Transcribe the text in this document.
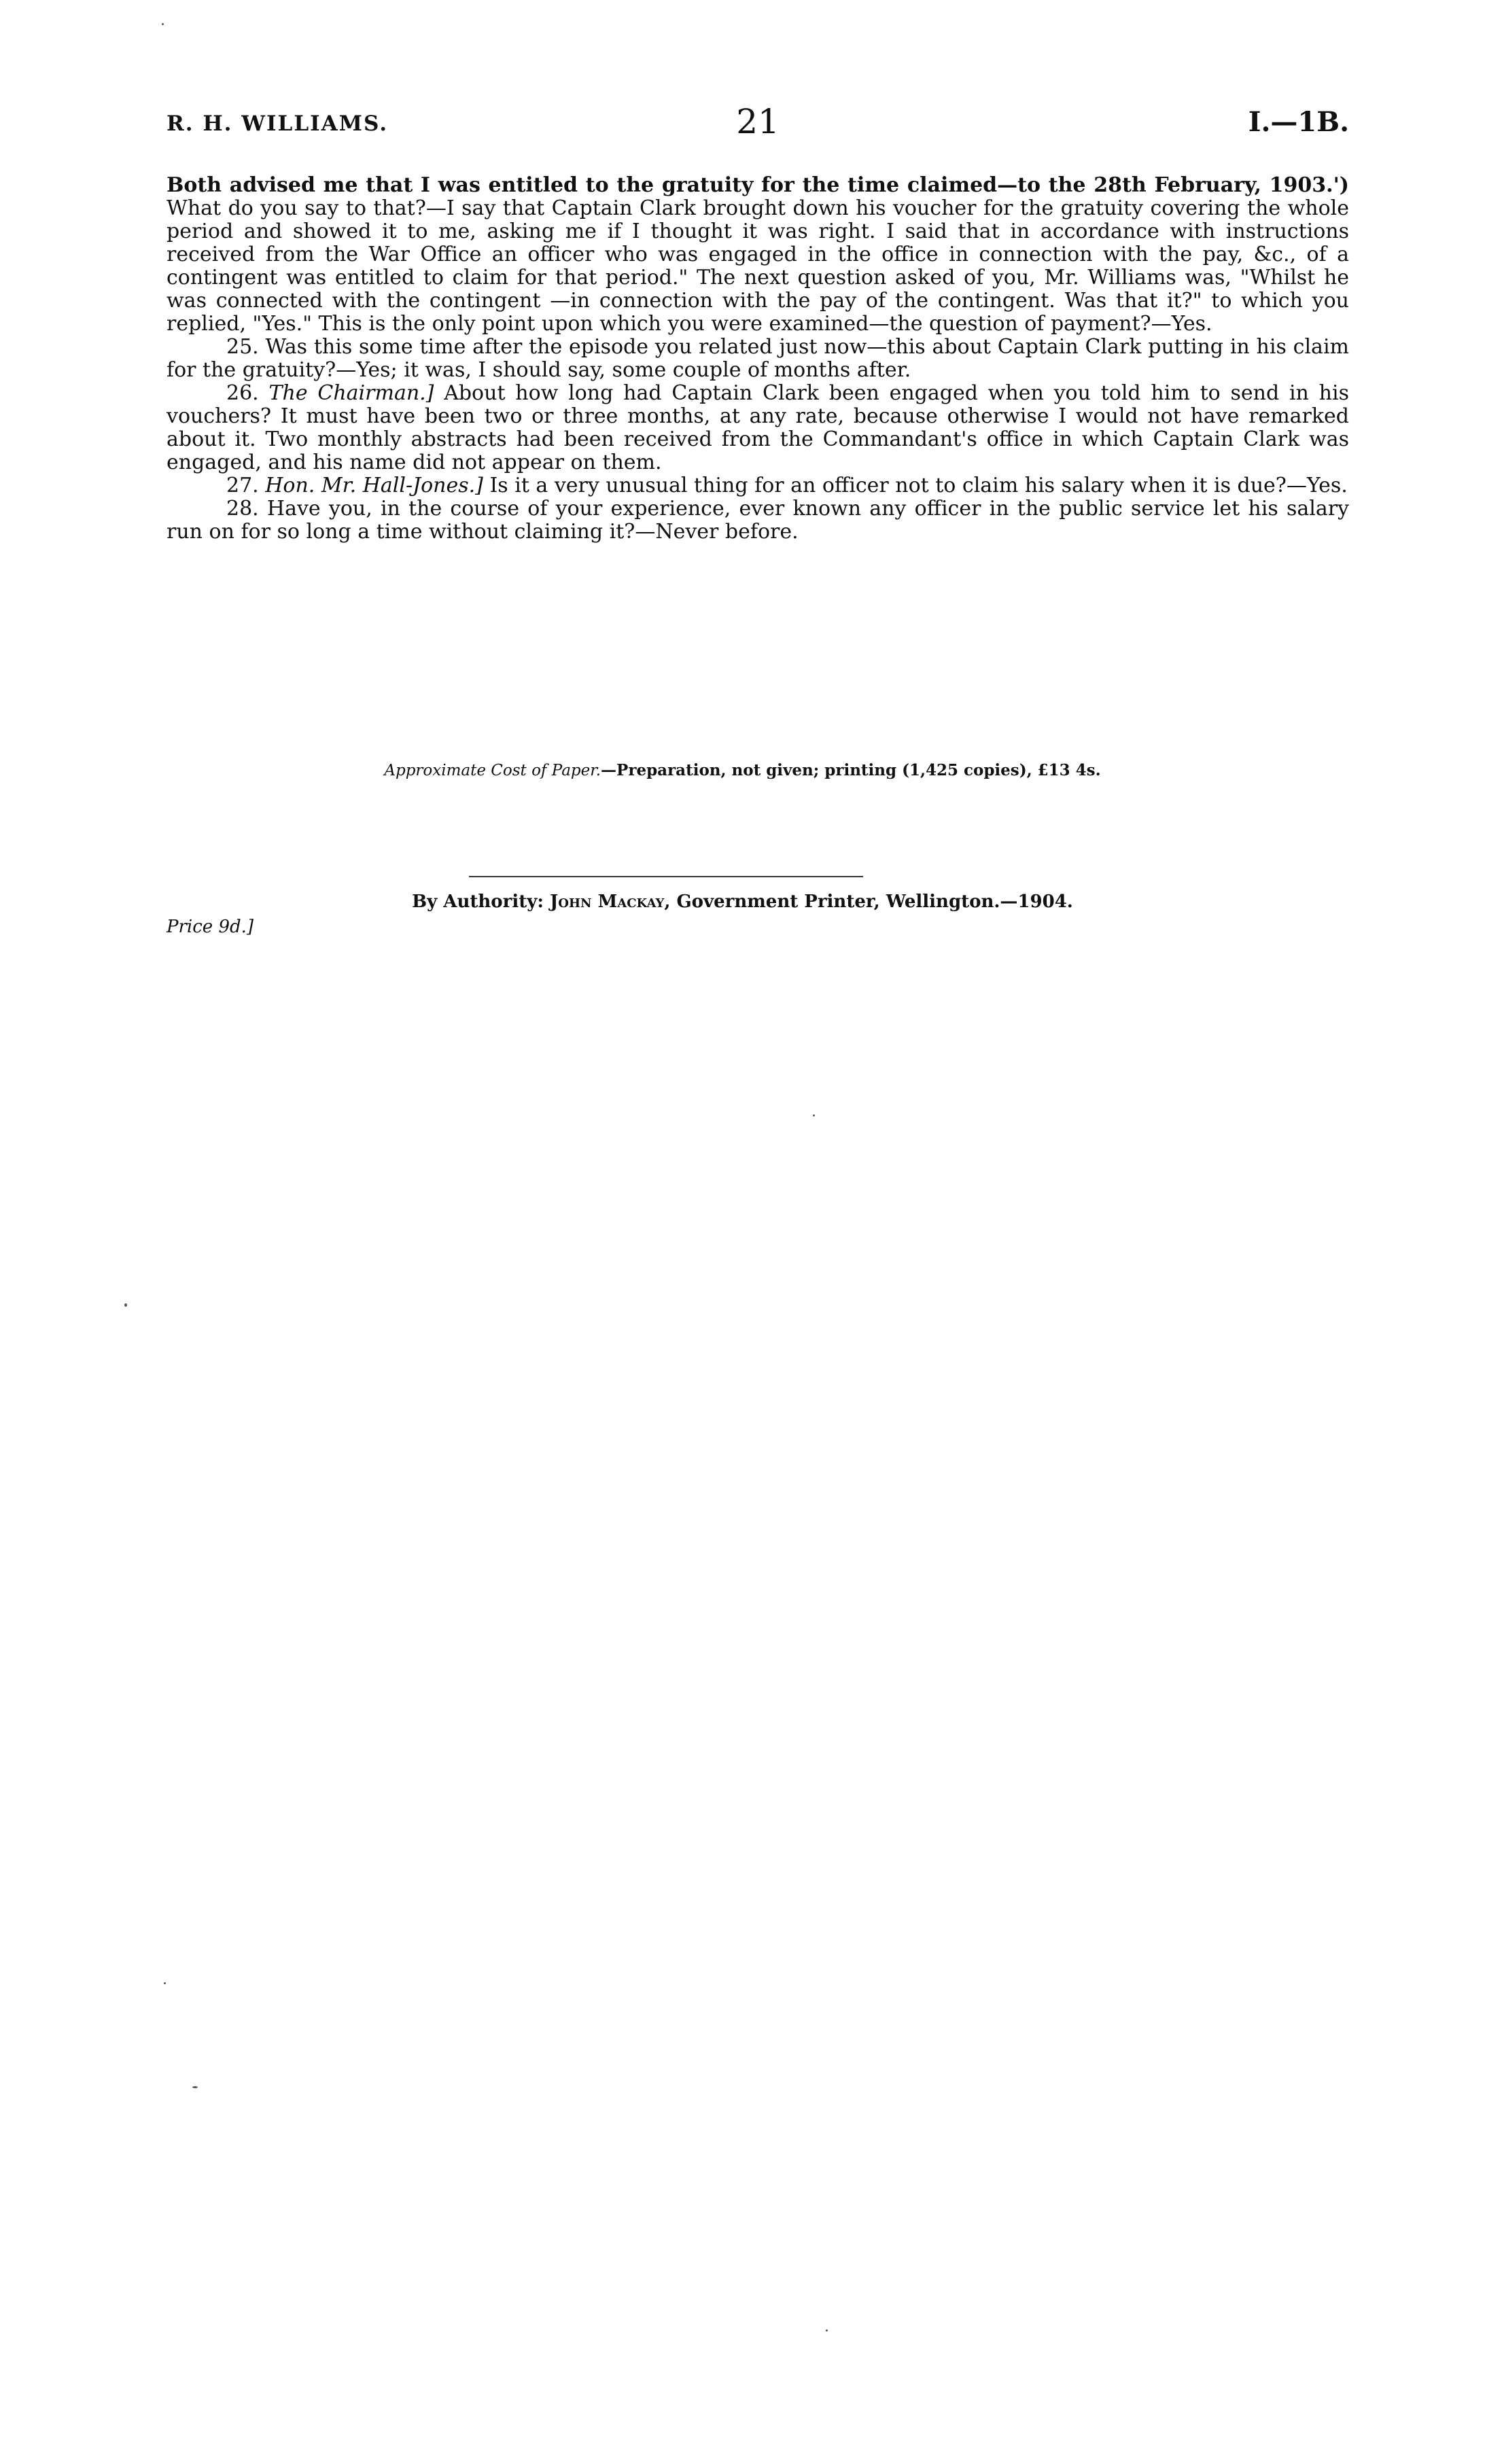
R. H. WILLIAMS.	21	I.—1B.

Both advised me that I was entitled to the gratuity for the time claimed—to the 28th February, 1903.') What do you say to that?—I say that Captain Clark brought down his voucher for the gratuity covering the whole period and showed it to me, asking me if I thought it was right. I said that in accordance with instructions received from the War Office an officer who was engaged in the office in connection with the pay, &c., of a contingent was entitled to claim for that period." The next question asked of you, Mr. Williams was, "Whilst he was connected with the contingent —in connection with the pay of the contingent. Was that it?" to which you replied, "Yes." This is the only point upon which you were examined—the question of payment?—Yes.

25. Was this some time after the episode you related just now—this about Captain Clark putting in his claim for the gratuity?—Yes; it was, I should say, some couple of months after.

26. The Chairman.] About how long had Captain Clark been engaged when you told him to send in his vouchers? It must have been two or three months, at any rate, because otherwise I would not have remarked about it. Two monthly abstracts had been received from the Commandant's office in which Captain Clark was engaged, and his name did not appear on them.

27. Hon. Mr. Hall-Jones.] Is it a very unusual thing for an officer not to claim his salary when it is due?—Yes.

28. Have you, in the course of your experience, ever known any officer in the public service let his salary run on for so long a time without claiming it?—Never before.

Approximate Cost of Paper.—Preparation, not given; printing (1,425 copies), £13 4s.
By Authority: John Mackay, Government Printer, Wellington.—1904.
Price 9d.]
